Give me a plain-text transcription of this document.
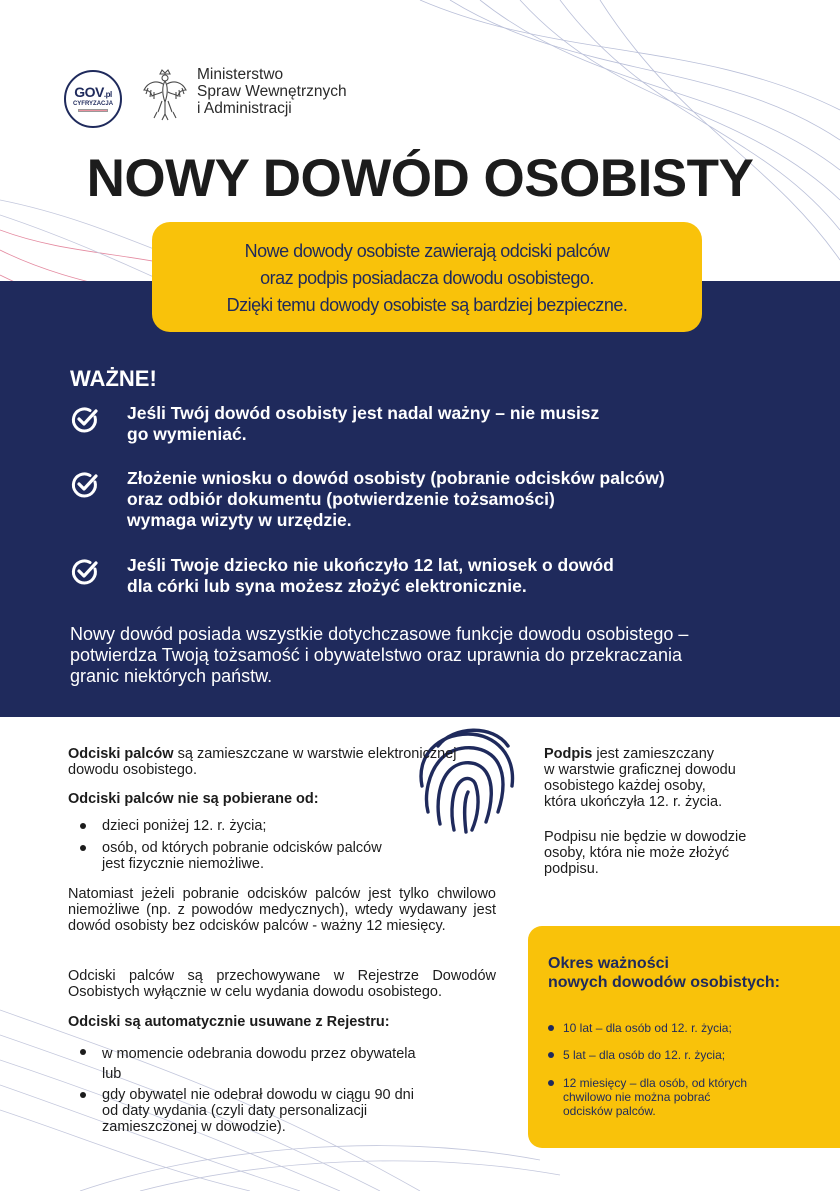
GOV.pl
CYFRYZACJA
Ministerstwo
Spraw Wewnętrznych
i Administracji
NOWY DOWÓD OSOBISTY
Nowe dowody osobiste zawierają odciski palców
oraz podpis posiadacza dowodu osobistego.
Dzięki temu dowody osobiste są bardziej bezpieczne.
WAŻNE!
Jeśli Twój dowód osobisty jest nadal ważny – nie musisz
go wymieniać.
Złożenie wniosku o dowód osobisty (pobranie odcisków palców)
oraz odbiór dokumentu (potwierdzenie tożsamości)
wymaga wizyty w urzędzie.
Jeśli Twoje dziecko nie ukończyło 12 lat, wniosek o dowód
dla córki lub syna możesz złożyć elektronicznie.
Nowy dowód posiada wszystkie dotychczasowe funkcje dowodu osobistego –
potwierdza Twoją tożsamość i obywatelstwo oraz uprawnia do przekraczania
granic niektórych państw.
Odciski palców są zamieszczane w warstwie elektronicznej dowodu osobistego.
Odciski palców nie są pobierane od:
dzieci poniżej 12. r. życia;
osób, od których pobranie odcisków palców
jest fizycznie niemożliwe.
Natomiast jeżeli pobranie odcisków palców jest tylko chwilowo niemożliwe (np. z powodów medycznych), wtedy wydawany jest dowód osobisty bez odcisków palców - ważny 12 miesięcy.
Odciski palców są przechowywane w Rejestrze Dowodów Osobistych wyłącznie w celu wydania dowodu osobistego.
Odciski są automatycznie usuwane z Rejestru:
w momencie odebrania dowodu przez obywatela
lub
gdy obywatel nie odebrał dowodu w ciągu 90 dni
od daty wydania (czyli daty personalizacji
zamieszczonej w dowodzie).
Podpis jest zamieszczany
w warstwie graficznej dowodu
osobistego każdej osoby,
która ukończyła 12. r. życia.
Podpisu nie będzie w dowodzie
osoby, która nie może złożyć
podpisu.
Okres ważności
nowych dowodów osobistych:
10 lat – dla osób od 12. r. życia;
5 lat – dla osób do 12. r. życia;
12 miesięcy – dla osób, od których
chwilowo nie można pobrać
odcisków palców.
